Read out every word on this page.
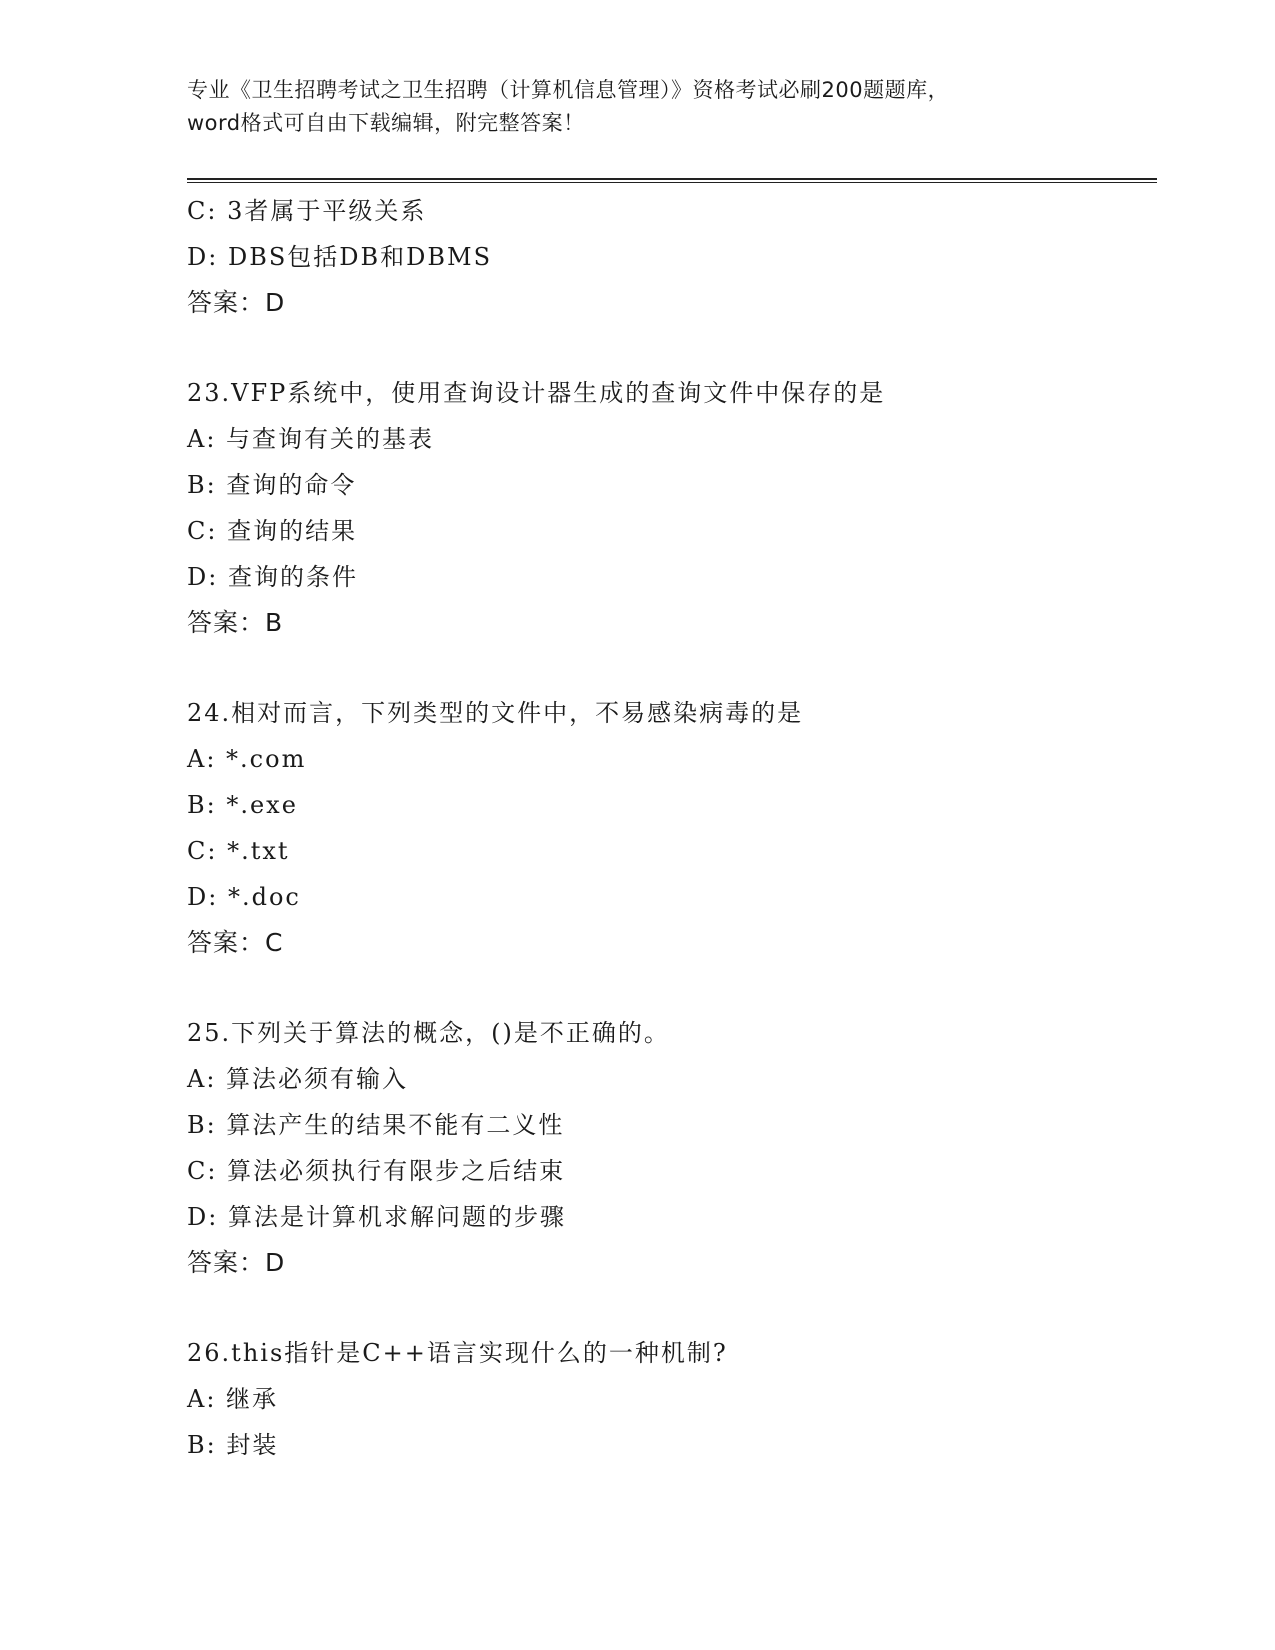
专业《卫生招聘考试之卫生招聘（计算机信息管理）》资格考试必刷200题题库，
word格式可自由下载编辑，附完整答案！
C: 3者属于平级关系
D: DBS包括DB和DBMS
答案：D
23.VFP系统中，使用查询设计器生成的查询文件中保存的是
A: 与查询有关的基表
B: 查询的命令
C: 查询的结果
D: 查询的条件
答案：B
24.相对而言，下列类型的文件中，不易感染病毒的是
A: *.com
B: *.exe
C: *.txt
D: *.doc
答案：C
25.下列关于算法的概念，()是不正确的。
A: 算法必须有输入
B: 算法产生的结果不能有二义性
C: 算法必须执行有限步之后结束
D: 算法是计算机求解问题的步骤
答案：D
26.this指针是C++语言实现什么的一种机制?
A: 继承
B: 封装
